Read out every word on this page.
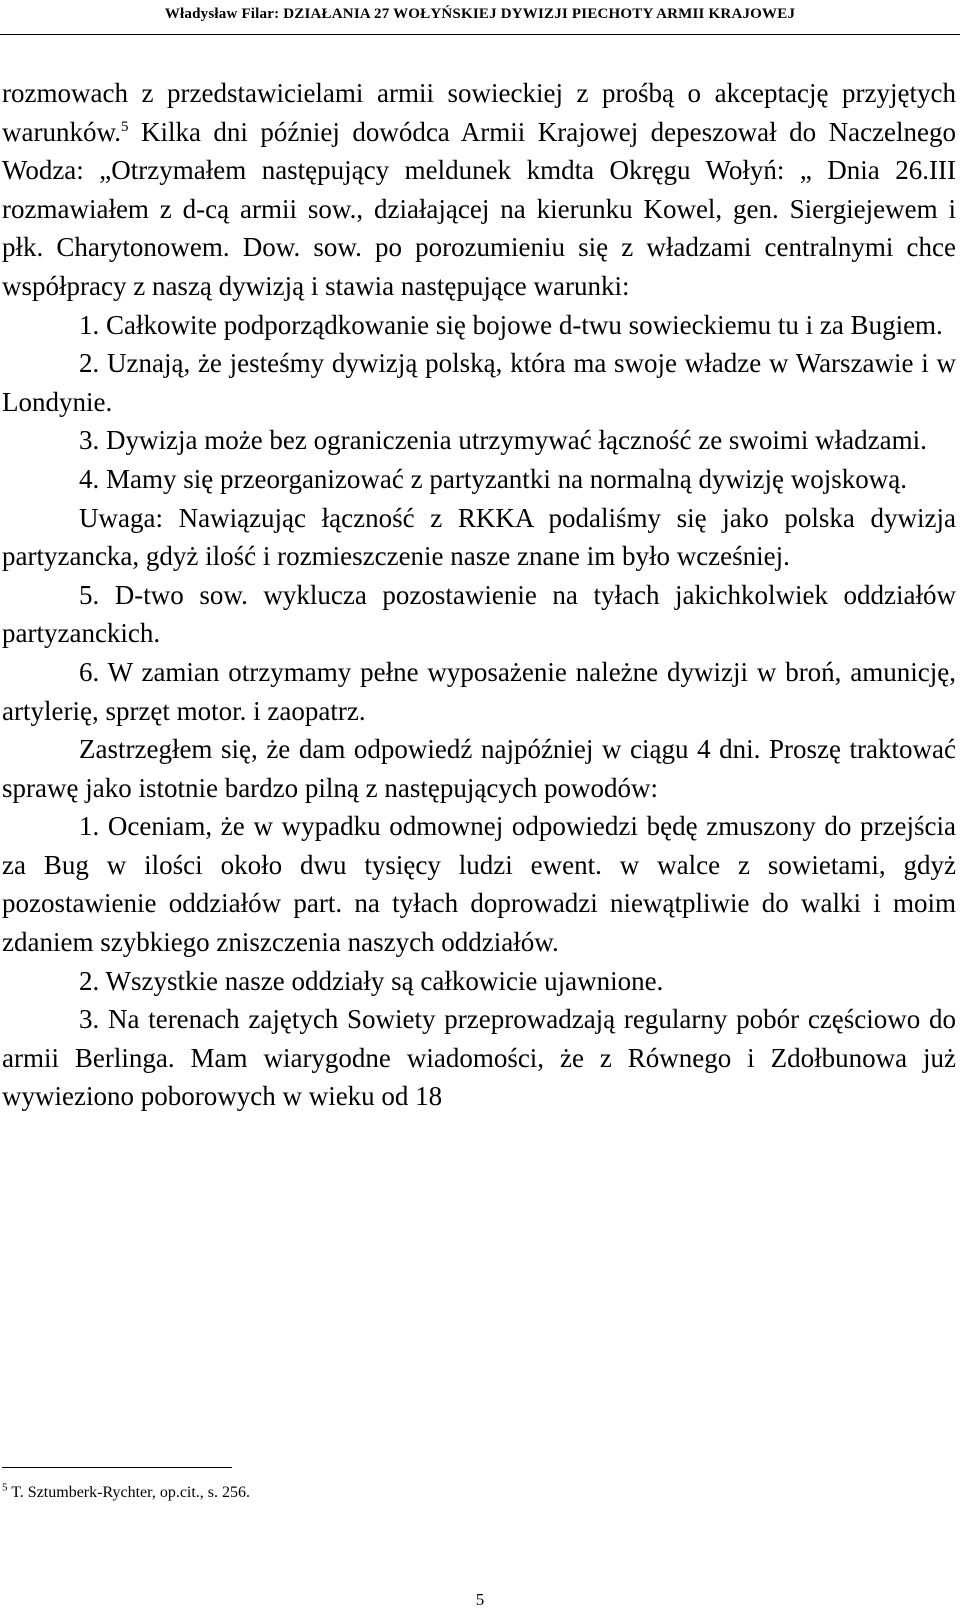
Władysław Filar: DZIAŁANIA 27 WOŁYŃSKIEJ DYWIZJI PIECHOTY ARMII KRAJOWEJ

rozmowach z przedstawicielami armii sowieckiej z prośbą o akceptację przyjętych warunków.$^5$ Kilka dni później dowódca Armii Krajowej depeszował do Naczelnego Wodza: „Otrzymałem następujący meldunek kmdta Okręgu Wołyń: „ Dnia 26.III rozmawiałem z d-cą armii sow., działającej na kierunku Kowel, gen. Siergiejewem i płk. Charytonowem. Dow. sow. po porozumieniu się z władzami centralnymi chce współpracy z naszą dywizją i stawia następujące warunki:

1. Całkowite podporządkowanie się bojowe d-twu sowieckiemu tu i za Bugiem.

2. Uznają, że jesteśmy dywizją polską, która ma swoje władze w Warszawie i w Londynie.

3. Dywizja może bez ograniczenia utrzymywać łączność ze swoimi władzami.

4. Mamy się przeorganizować z partyzantki na normalną dywizję wojskową.

Uwaga: Nawiązując łączność z RKKA podaliśmy się jako polska dywizja partyzancka, gdyż ilość i rozmieszczenie nasze znane im było wcześniej.

5. D-two sow. wyklucza pozostawienie na tyłach jakichkolwiek oddziałów partyzanckich.

6. W zamian otrzymamy pełne wyposażenie należne dywizji w broń, amunicję, artylerię, sprzęt motor. i zaopatrz.

Zastrzegłem się, że dam odpowiedź najpóźniej w ciągu 4 dni. Proszę traktować sprawę jako istotnie bardzo pilną z następujących powodów:

1. Oceniam, że w wypadku odmownej odpowiedzi będę zmuszony do przejścia za Bug w ilości około dwu tysięcy ludzi ewent. w walce z sowietami, gdyż pozostawienie oddziałów part. na tyłach doprowadzi niewątpliwie do walki i moim zdaniem szybkiego zniszczenia naszych oddziałów.

2. Wszystkie nasze oddziały są całkowicie ujawnione.

3. Na terenach zajętych Sowiety przeprowadzają regularny pobór częściowo do armii Berlinga. Mam wiarygodne wiadomości, że z Równego i Zdołbunowa już wywieziono poborowych w wieku od 18

$^5$ T. Sztumberk-Rychter, op.cit., s. 256.
5
